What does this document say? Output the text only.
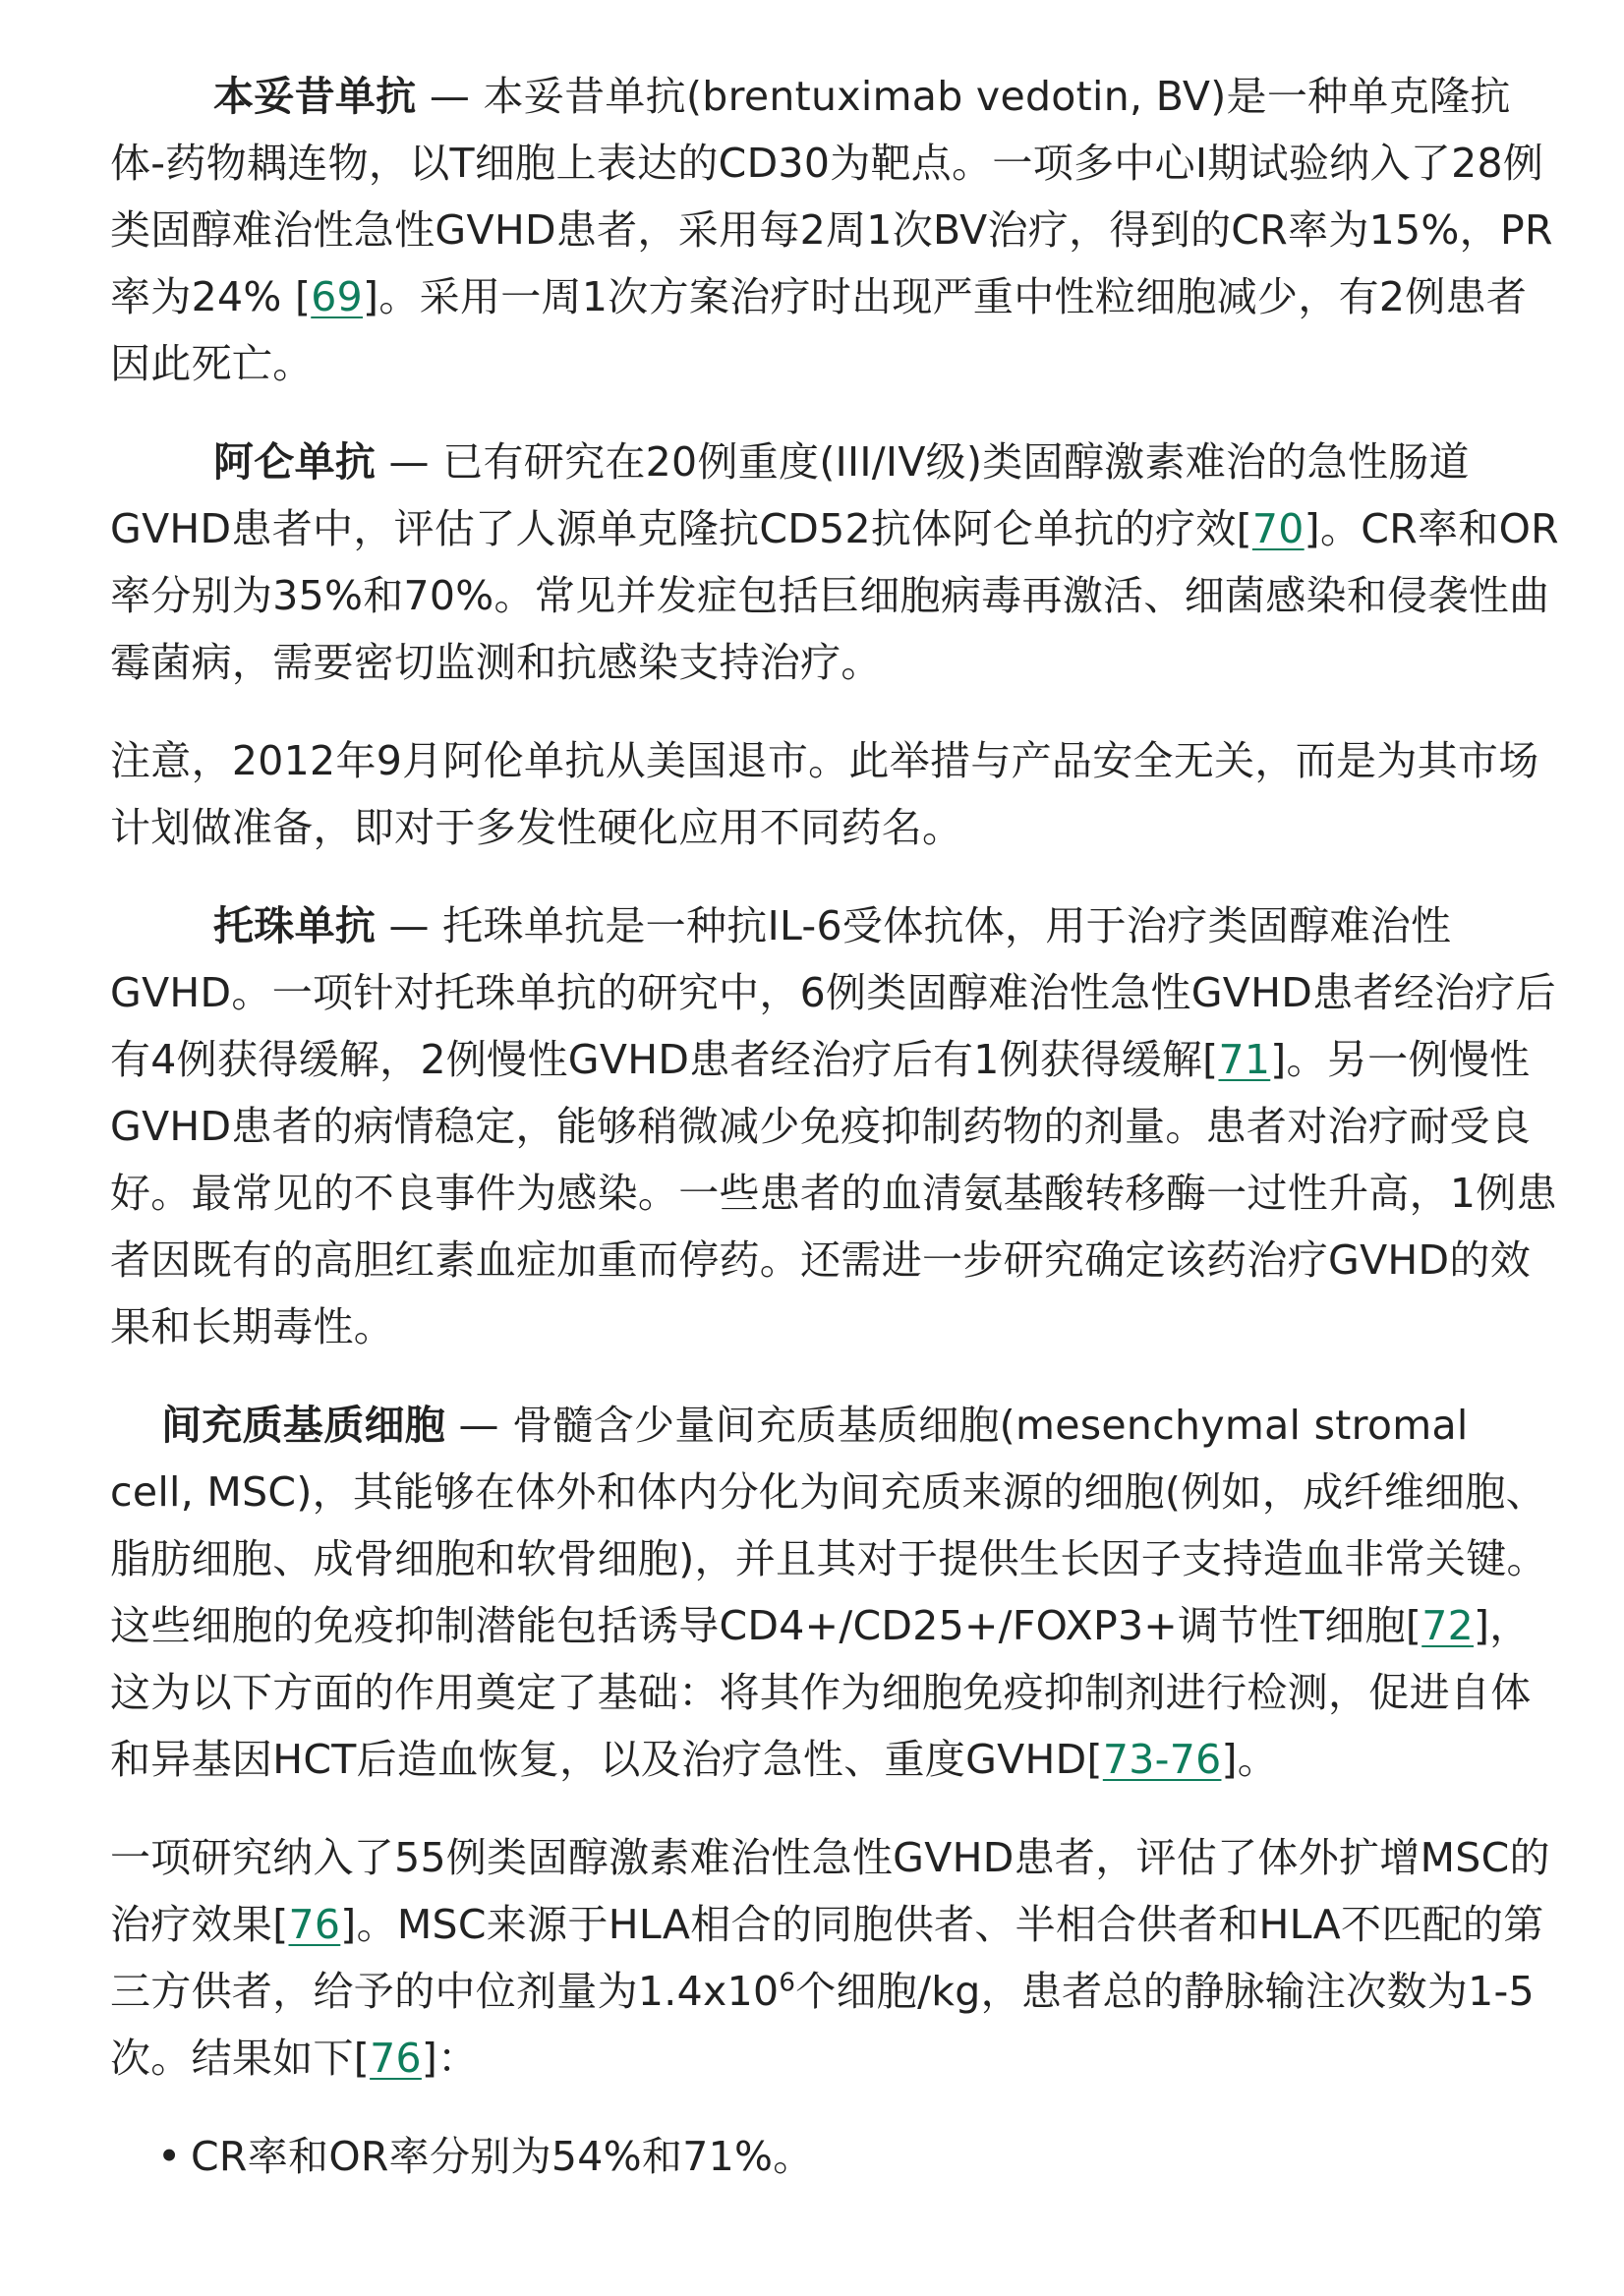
本妥昔单抗 — 本妥昔单抗(brentuximab vedotin, BV)是一种单克隆抗体-药物耦连物，以T细胞上表达的CD30为靶点。一项多中心I期试验纳入了28例类固醇难治性急性GVHD患者，采用每2周1次BV治疗，得到的CR率为15%，PR率为24% [69]。采用一周1次方案治疗时出现严重中性粒细胞减少，有2例患者因此死亡。

阿仑单抗 — 已有研究在20例重度(III/IV级)类固醇激素难治的急性肠道GVHD患者中，评估了人源单克隆抗CD52抗体阿仑单抗的疗效[70]。CR率和OR率分别为35%和70%。常见并发症包括巨细胞病毒再激活、细菌感染和侵袭性曲霉菌病，需要密切监测和抗感染支持治疗。

注意，2012年9月阿伦单抗从美国退市。此举措与产品安全无关，而是为其市场计划做准备，即对于多发性硬化应用不同药名。

托珠单抗 — 托珠单抗是一种抗IL-6受体抗体，用于治疗类固醇难治性GVHD。一项针对托珠单抗的研究中，6例类固醇难治性急性GVHD患者经治疗后有4例获得缓解，2例慢性GVHD患者经治疗后有1例获得缓解[71]。另一例慢性GVHD患者的病情稳定，能够稍微减少免疫抑制药物的剂量。患者对治疗耐受良好。最常见的不良事件为感染。一些患者的血清氨基酸转移酶一过性升高，1例患者因既有的高胆红素血症加重而停药。还需进一步研究确定该药治疗GVHD的效果和长期毒性。

间充质基质细胞 — 骨髓含少量间充质基质细胞(mesenchymal stromal cell, MSC)，其能够在体外和体内分化为间充质来源的细胞(例如，成纤维细胞、脂肪细胞、成骨细胞和软骨细胞)，并且其对于提供生长因子支持造血非常关键。这些细胞的免疫抑制潜能包括诱导CD4+/CD25+/FOXP3+调节性T细胞[72]，这为以下方面的作用奠定了基础：将其作为细胞免疫抑制剂进行检测，促进自体和异基因HCT后造血恢复，以及治疗急性、重度GVHD[73-76]。

一项研究纳入了55例类固醇激素难治性急性GVHD患者，评估了体外扩增MSC的治疗效果[76]。MSC来源于HLA相合的同胞供者、半相合供者和HLA不匹配的第三方供者，给予的中位剂量为$1.4x10^6$个细胞/kg，患者总的静脉输注次数为1-5次。结果如下[76]：

• CR率和OR率分别为54%和71%。
